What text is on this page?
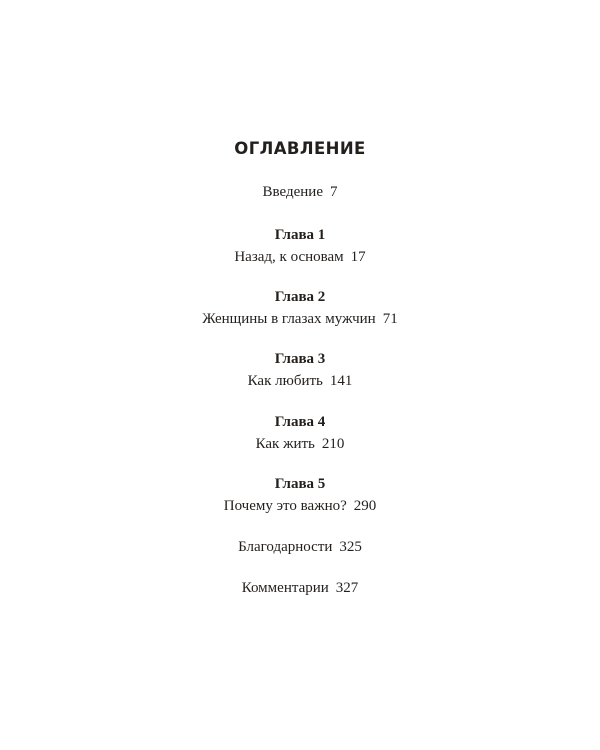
ОГЛАВЛЕНИЕ
Введение 7
Глава 1
Назад, к основам 17
Глава 2
Женщины в глазах мужчин 71
Глава 3
Как любить 141
Глава 4
Как жить 210
Глава 5
Почему это важно? 290
Благодарности 325
Комментарии 327
